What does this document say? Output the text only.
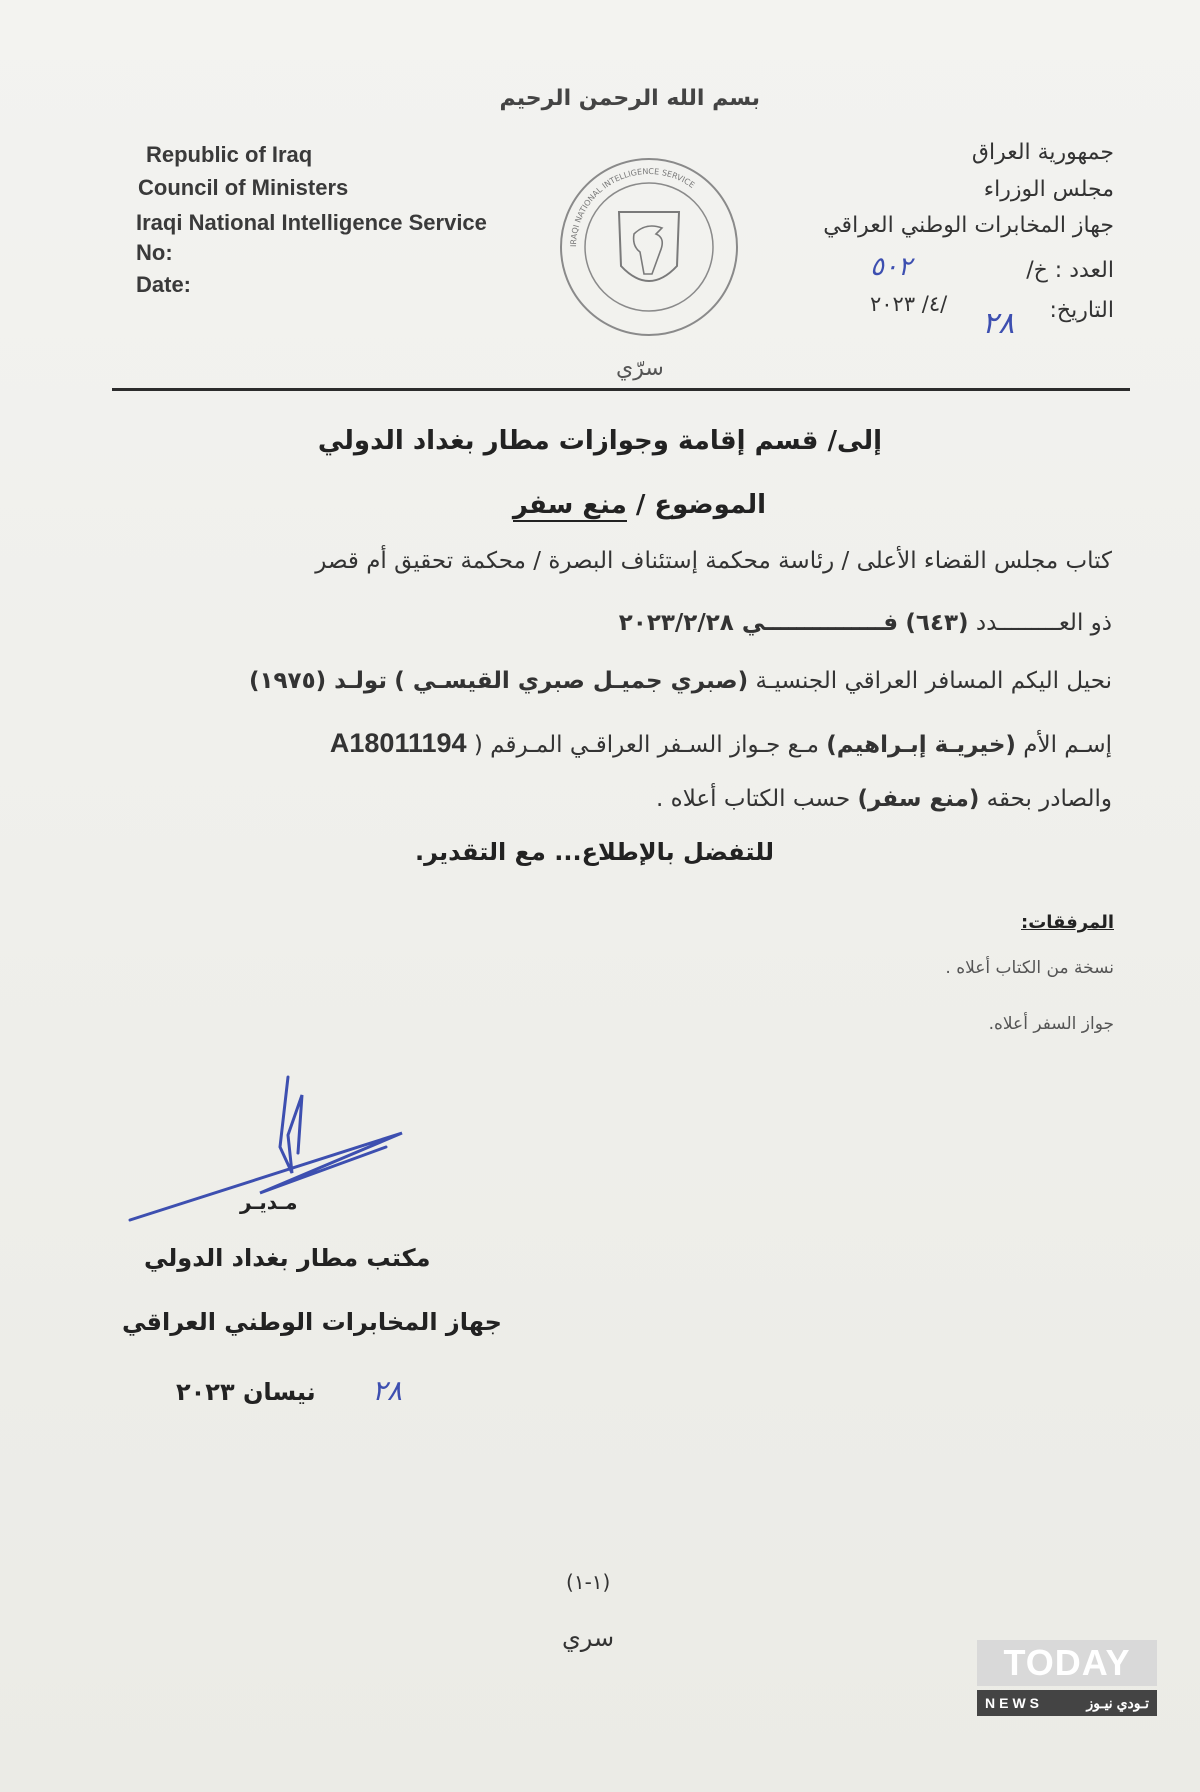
بسم الله الرحمن الرحيم
Republic of Iraq
Council of Ministers
Iraqi National Intelligence Service
No:
Date:
IRAQI NATIONAL INTELLIGENCE SERVICE
جمهورية العراق
مجلس الوزراء
جهاز المخابرات الوطني العراقي
العدد : خ/
٥٠٢
التاريخ:
٢٨
/٤/ ٢٠٢٣
سرّي
إلى/ قسم إقامة وجوازات مطار بغداد الدولي
الموضوع / منع سفر
كتاب مجلس القضاء الأعلى / رئاسة محكمة إستئناف البصرة / محكمة تحقيق أم قصر
ذو العـــــــــدد (٦٤٣) فـــــــــــــــي ٢٠٢٣/٢/٢٨
نحيل اليكم المسافر العراقي الجنسيـة (صبري جميـل صبري القيسـي ) تولـد (١٩٧٥)
إسـم الأم (خيريـة إبـراهيم) مـع جـواز السـفر العراقـي المـرقم ( A18011194
والصادر بحقه (منع سفر) حسب الكتاب أعلاه .
للتفضل بالإطلاع... مع التقدير.
المرفقات:
نسخة من الكتاب أعلاه .
جواز السفر أعلاه.
مـديـر
مكتب مطار بغداد الدولي
جهاز المخابرات الوطني العراقي
٢٨
نيسان ٢٠٢٣
(١-١)
سري
TODAY
NEWS	تـودي نيـوز
